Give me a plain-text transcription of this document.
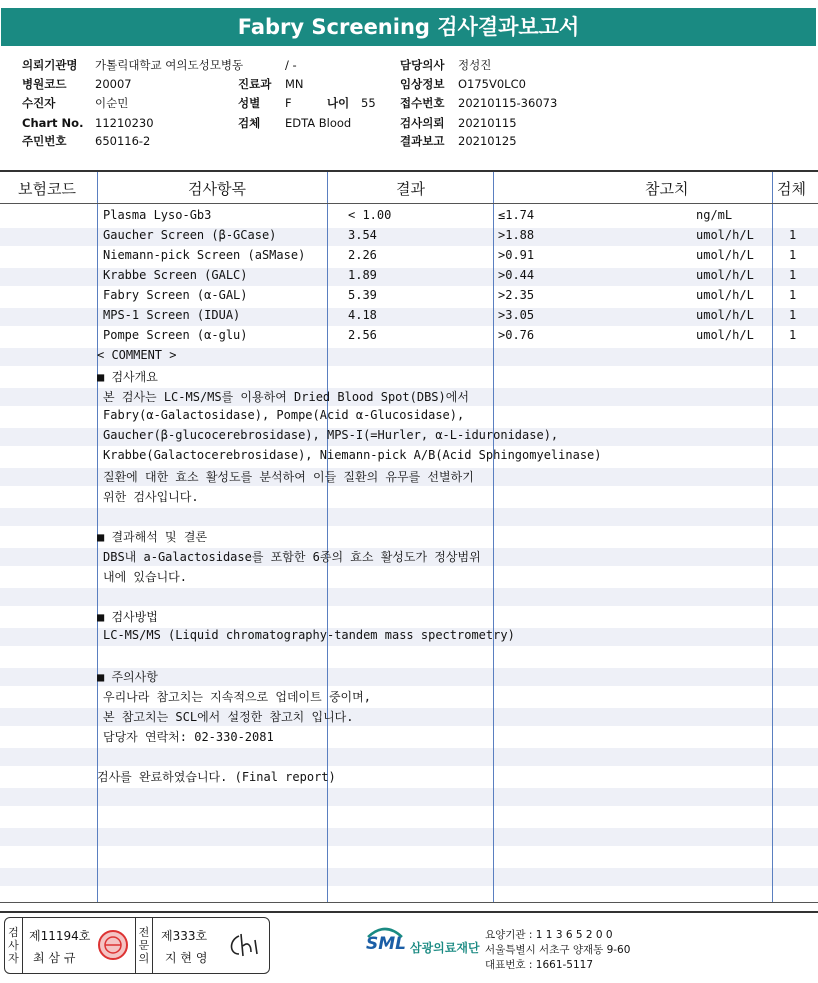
Fabry Screening 검사결과보고서
의뢰기관명 가톨릭대학교 여의도성모병동	/ -
병원코드 20007	진료과 MN
수진자	이순민	성별 F	나이 55
Chart No. 11210230	검체 EDTA Blood
주민번호 650116-2
담당의사 정성진
임상정보 O175V0LC0
접수번호 20210115-36073
검사의뢰 20210115
결과보고 20210125
보험코드	검사항목	결과	참고치	검체
Plasma Lyso-Gb3	< 1.00	≤1.74	ng/mL
Gaucher Screen (β-GCase)	3.54	>1.88	umol/h/L	1
Niemann-pick Screen (aSMase)	2.26	>0.91	umol/h/L	1
Krabbe Screen (GALC)	1.89	>0.44	umol/h/L	1
Fabry Screen (α-GAL)	5.39	>2.35	umol/h/L	1
MPS-1 Screen (IDUA)	4.18	>3.05	umol/h/L	1
Pompe Screen (α-glu)	2.56	>0.76	umol/h/L	1
< COMMENT >
■ 검사개요
본 검사는 LC-MS/MS를 이용하여 Dried Blood Spot(DBS)에서
Fabry(α-Galactosidase), Pompe(Acid α-Glucosidase),
Gaucher(β-glucocerebrosidase), MPS-I(=Hurler, α-L-iduronidase),
Krabbe(Galactocerebrosidase), Niemann-pick A/B(Acid Sphingomyelinase)
질환에 대한 효소 활성도를 분석하여 이들 질환의 유무를 선별하기
위한 검사입니다.
■ 결과해석 및 결론
DBS내 a-Galactosidase를 포함한 6종의 효소 활성도가 정상범위
내에 있습니다.
■ 검사방법
LC-MS/MS (Liquid chromatography-tandem mass spectrometry)
■ 주의사항
우리나라 참고치는 지속적으로 업데이트 중이며,
본 참고치는 SCL에서 설정한 참고치 입니다.
담당자 연락처: 02-330-2081
검사를 완료하였습니다. (Final report)
검사자
제11194호
최 삼 규
전문의
제333호
지 현 영
SML 삼광의료재단
요양기관 : 1 1 3 6 5 2 0 0
서울특별시 서초구 양재동 9-60
대표번호 : 1661-5117
